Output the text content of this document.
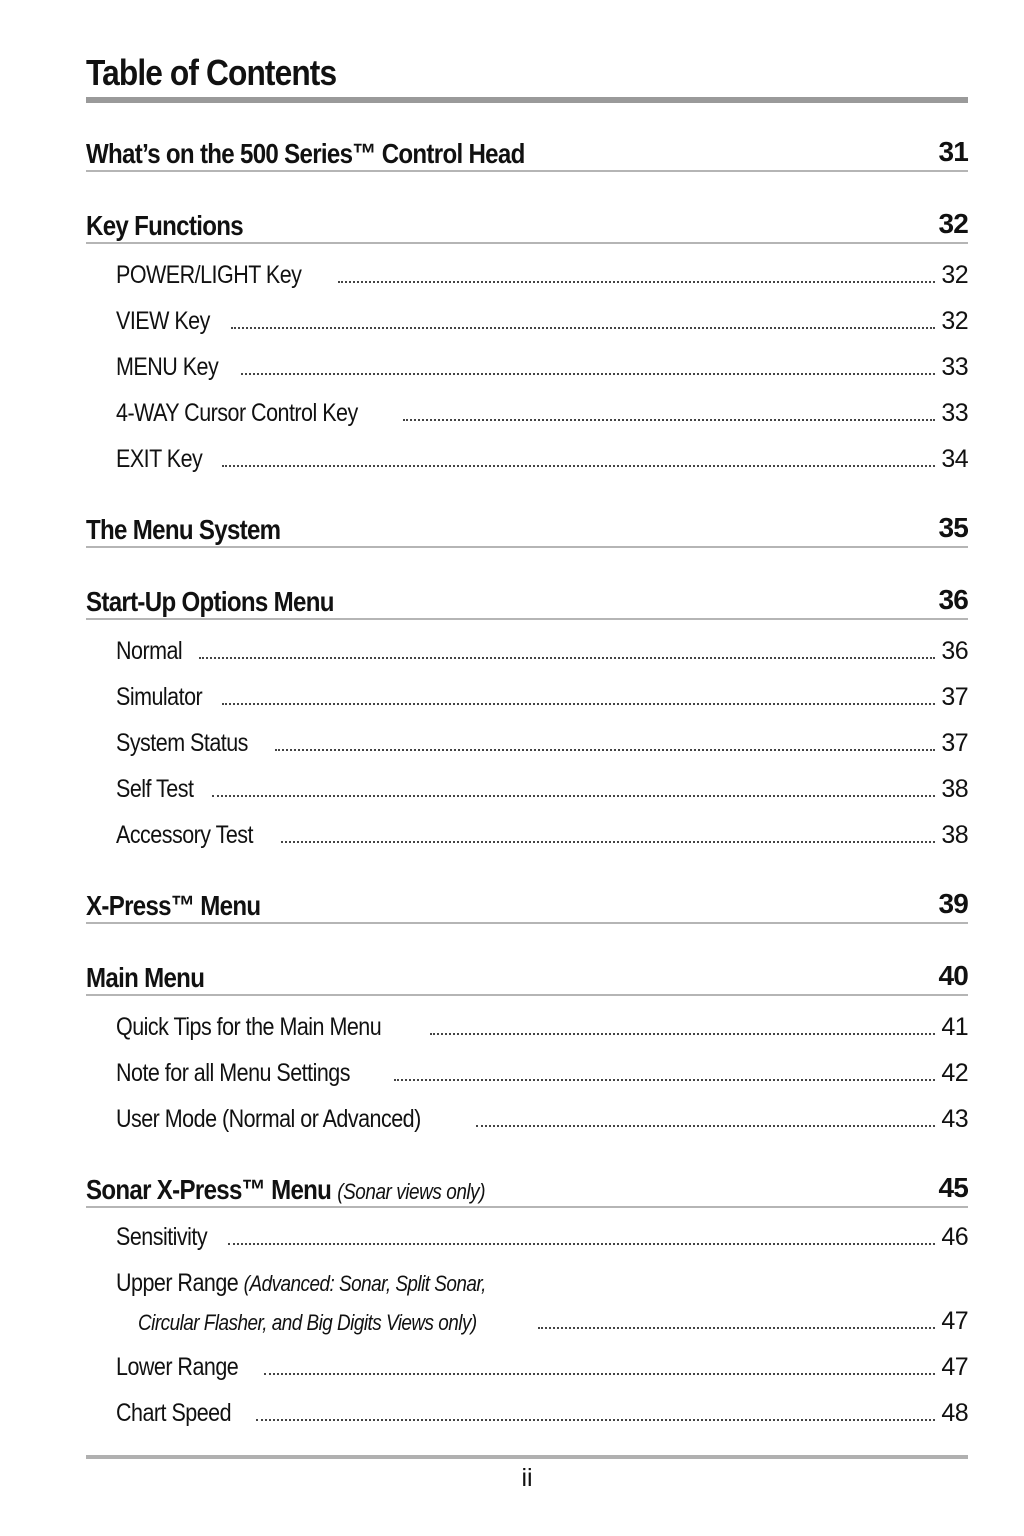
Table of Contents
What’s on the 500 Series™ Control Head	31
Key Functions	32
POWER/LIGHT Key	32
VIEW Key	32
MENU Key	33
4-WAY Cursor Control Key	33
EXIT Key	34
The Menu System	35
Start-Up Options Menu	36
Normal	36
Simulator	37
System Status	37
Self Test	38
Accessory Test	38
X-Press™ Menu	39
Main Menu	40
Quick Tips for the Main Menu	41
Note for all Menu Settings	42
User Mode (Normal or Advanced)	43
Sonar X-Press™ Menu (Sonar views only)	45
Sensitivity	46
Upper Range (Advanced: Sonar, Split Sonar,
Circular Flasher, and Big Digits Views only)	47
Lower Range	47
Chart Speed	48
ii
